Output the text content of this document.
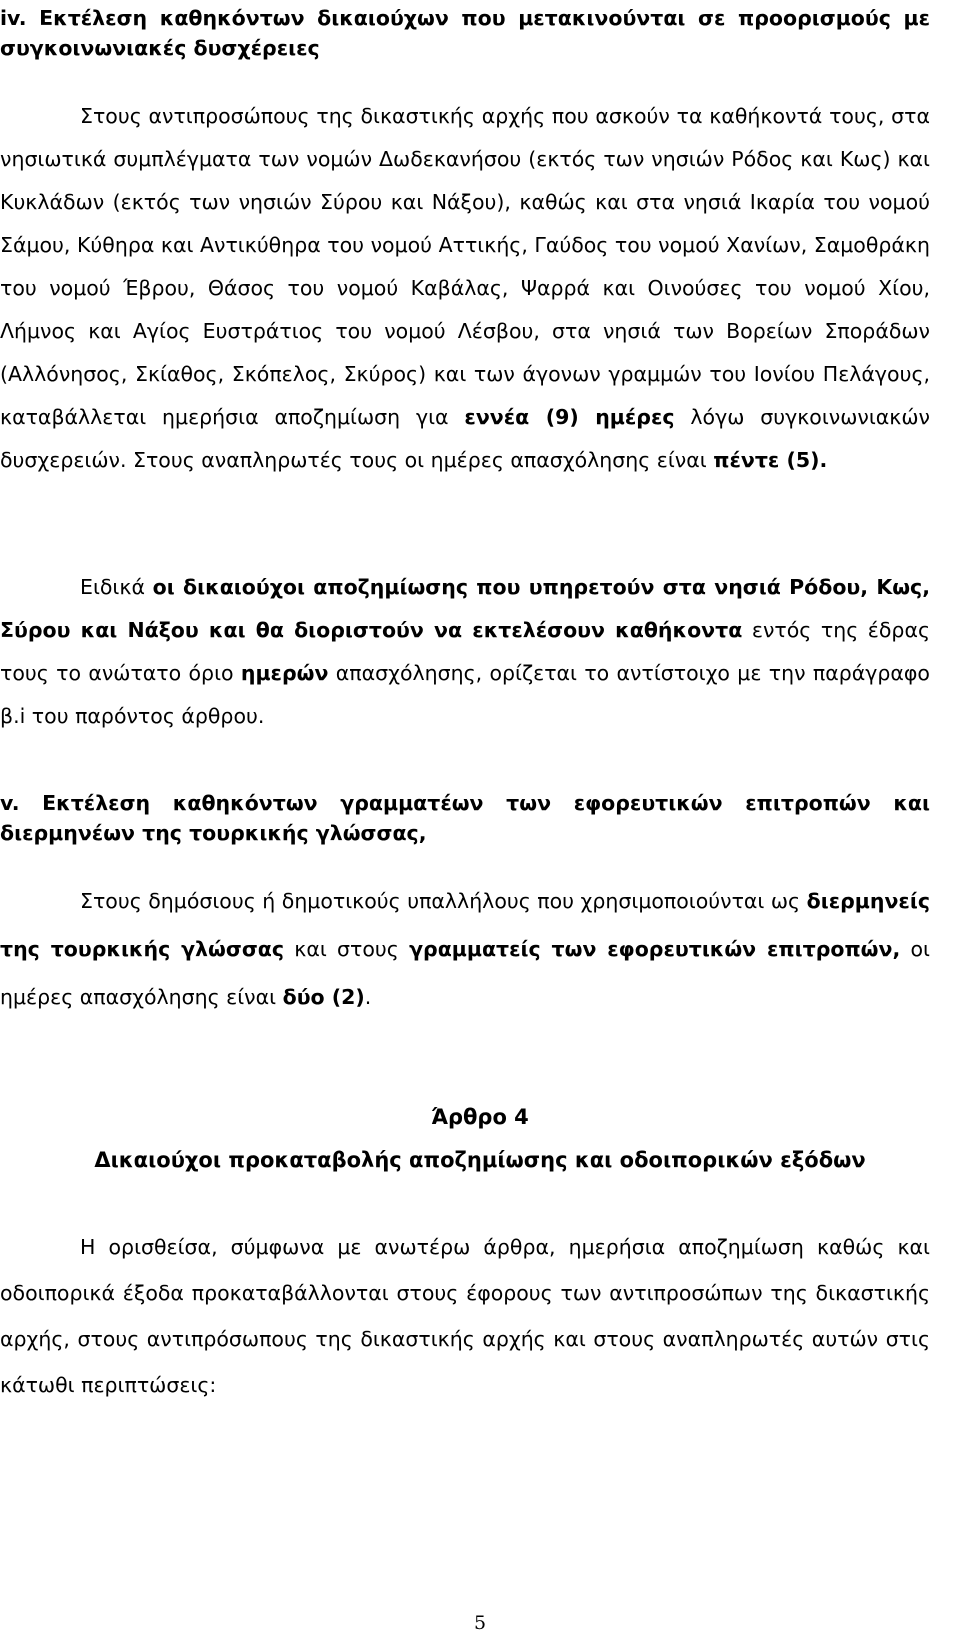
iv. Εκτέλεση καθηκόντων δικαιούχων που μετακινούνται σε προορισμούς με συγκοινωνιακές δυσχέρειες
Στους αντιπροσώπους της δικαστικής αρχής που ασκούν τα καθήκοντά τους, στα νησιωτικά συμπλέγματα των νομών Δωδεκανήσου (εκτός των νησιών Ρόδος και Κως) και Κυκλάδων (εκτός των νησιών Σύρου και Νάξου), καθώς και στα νησιά Ικαρία του νομού Σάμου, Κύθηρα και Αντικύθηρα του νομού Αττικής, Γαύδος του νομού Χανίων, Σαμοθράκη του νομού Έβρου, Θάσος του νομού Καβάλας, Ψαρρά και Οινούσες του νομού Χίου, Λήμνος και Αγίος Ευστράτιος του νομού Λέσβου, στα νησιά των Βορείων Σποράδων (Αλλόνησος, Σκίαθος, Σκόπελος, Σκύρος) και των άγονων γραμμών του Ιονίου Πελάγους, καταβάλλεται ημερήσια αποζημίωση για εννέα (9) ημέρες λόγω συγκοινωνιακών δυσχερειών. Στους αναπληρωτές τους οι ημέρες απασχόλησης είναι πέντε (5).
Ειδικά οι δικαιούχοι αποζημίωσης που υπηρετούν στα νησιά Ρόδου, Κως, Σύρου και Νάξου και θα διοριστούν να εκτελέσουν καθήκοντα εντός της έδρας τους το ανώτατο όριο ημερών απασχόλησης, ορίζεται το αντίστοιχο με την παράγραφο β.i του παρόντος άρθρου.
v. Εκτέλεση καθηκόντων γραμματέων των εφορευτικών επιτροπών και διερμηνέων της τουρκικής γλώσσας,
Στους δημόσιους ή δημοτικούς υπαλλήλους που χρησιμοποιούνται ως διερμηνείς της τουρκικής γλώσσας και στους γραμματείς των εφορευτικών επιτροπών, οι ημέρες απασχόλησης είναι δύο (2).
Άρθρο 4
Δικαιούχοι προκαταβολής αποζημίωσης και οδοιπορικών εξόδων
Η ορισθείσα, σύμφωνα με ανωτέρω άρθρα, ημερήσια αποζημίωση καθώς και οδοιπορικά έξοδα προκαταβάλλονται στους έφορους των αντιπροσώπων της δικαστικής αρχής, στους αντιπρόσωπους της δικαστικής αρχής και στους αναπληρωτές αυτών στις κάτωθι περιπτώσεις:
5
